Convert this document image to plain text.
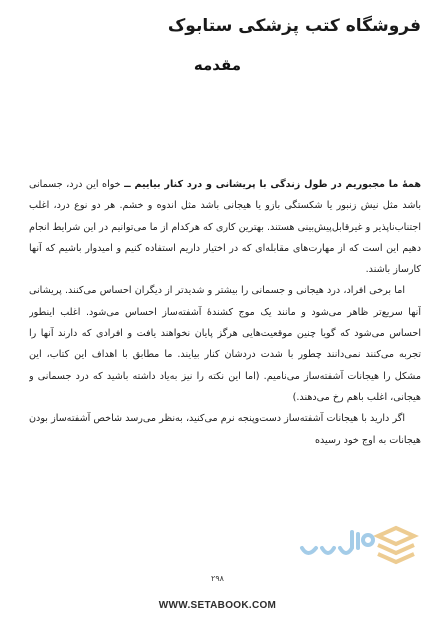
فروشگاه کتب پزشکی ستابوک
مقدمه

همهٔ ما مجبوریم در طول زندگی با پریشانی و درد کنار بیاییم ــ خواه این درد، جسمانی باشد مثل نیش زنبور یا شکستگی بازو یا هیجانی باشد مثل اندوه و خشم. هر دو نوع درد، اغلب اجتناب‌ناپذیر و غیرقابل‌پیش‌بینی هستند. بهترین کاری که هرکدام از ما می‌توانیم در این شرایط انجام دهیم این است که از مهارت‌های مقابله‌ای که در اختیار داریم استفاده کنیم و امیدوار باشیم که آنها کارساز باشند.

اما برخی افراد، درد هیجانی و جسمانی را بیشتر و شدیدتر از دیگران احساس می‌کنند. پریشانی آنها سریع‌تر ظاهر می‌شود و مانند یک موج کشندهٔ آشفته‌ساز احساس می‌شود. اغلب اینطور احساس می‌شود که گویا چنین موقعیت‌هایی هرگز پایان نخواهند یافت و افرادی که دارند آنها را تجربه می‌کنند نمی‌دانند چطور با شدت دردشان کنار بیایند. ما مطابق با اهداف این کتاب، این مشکل را هیجانات آشفته‌ساز می‌نامیم. (اما این نکته را نیز به‌یاد داشته باشید که درد جسمانی و هیجانی، اغلب باهم رخ می‌دهند.)

اگر دارید با هیجانات آشفته‌ساز دست‌وپنجه نرم می‌کنید، به‌نظر می‌رسد شاخص آشفته‌ساز بودن هیجانات به اوج خود رسیده

۲۹۸
WWW.SETABOOK.COM
